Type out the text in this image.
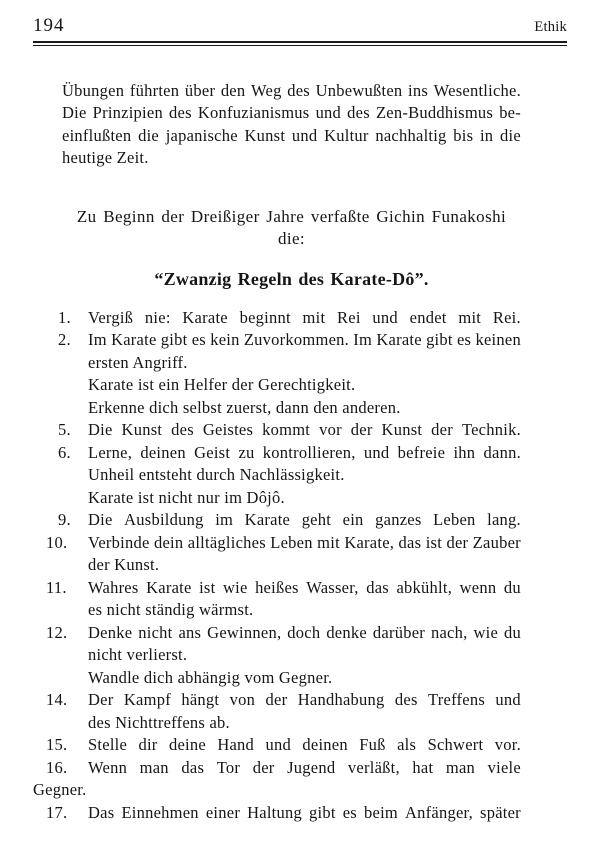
194	Ethik
Übungen führten über den Weg des Unbewußten ins Wesentliche.
Die Prinzipien des Konfuzianismus und des Zen-Buddhismus be-
einflußten die japanische Kunst und Kultur nachhaltig bis in die
heutige Zeit.
Zu Beginn der Dreißiger Jahre verfaßte Gichin Funakoshi
die:
“Zwanzig Regeln des Karate-Dô”.
Vergiß nie: Karate beginnt mit Rei und endet mit Rei.
1.
Im Karate gibt es kein Zuvorkommen. Im Karate gibt es keinen
2.
ersten Angriff.
Karate ist ein Helfer der Gerechtigkeit.
Erkenne dich selbst zuerst, dann den anderen.
Die Kunst des Geistes kommt vor der Kunst der Technik.
5.
Lerne, deinen Geist zu kontrollieren, und befreie ihn dann.
6.
Unheil entsteht durch Nachlässigkeit.
Karate ist nicht nur im Dôjô.
Die Ausbildung im Karate geht ein ganzes Leben lang.
9.
Verbinde dein alltägliches Leben mit Karate, das ist der Zauber
10.
der Kunst.
Wahres Karate ist wie heißes Wasser, das abkühlt, wenn du
11.
es nicht ständig wärmst.
Denke nicht ans Gewinnen, doch denke darüber nach, wie du
12.
nicht verlierst.
Wandle dich abhängig vom Gegner.
Der Kampf hängt von der Handhabung des Treffens und
14.
des Nichttreffens ab.
Stelle dir deine Hand und deinen Fuß als Schwert vor.
15.
Wenn man das Tor der Jugend verläßt, hat man viele
16.
Gegner.
Das Einnehmen einer Haltung gibt es beim Anfänger, später
17.
